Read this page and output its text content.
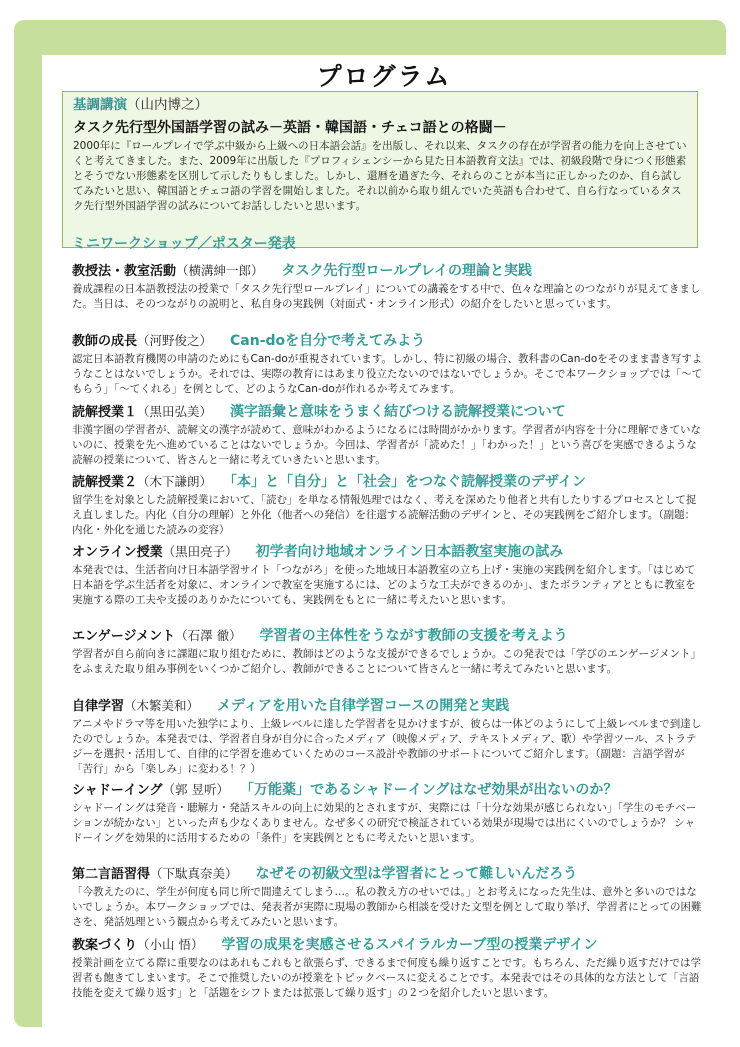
プログラム
基調講演（山内博之）
タスク先行型外国語学習の試み－英語・韓国語・チェコ語との格闘－
2000年に『ロールプレイで学ぶ中級から上級への日本語会話』を出版し、それ以来、タスクの存在が学習者の能力を向上させていくと考えてきました。また、2009年に出版した『プロフィシェンシーから見た日本語教育文法』では、初級段階で身につく形態素とそうでない形態素を区別して示したりもしました。しかし、還暦を過ぎた今、それらのことが本当に正しかったのか、自ら試してみたいと思い、韓国語とチェコ語の学習を開始しました。それ以前から取り組んでいた英語も合わせて、自ら行なっているタスク先行型外国語学習の試みについてお話ししたいと思います。
ミニワークショップ／ポスター発表
教授法・教室活動（横溝紳一郎） タスク先行型ロールプレイの理論と実践
養成課程の日本語教授法の授業で「タスク先行型ロールプレイ」についての講義をする中で、色々な理論とのつながりが見えてきました。当日は、そのつながりの説明と、私自身の実践例（対面式・オンライン形式）の紹介をしたいと思っています。
教師の成長（河野俊之） Can-doを自分で考えてみよう
認定日本語教育機関の申請のためにもCan-doが重視されています。しかし、特に初級の場合、教科書のCan-doをそのまま書き写すようなことはないでしょうか。それでは、実際の教育にはあまり役立たないのではないでしょうか。そこで本ワークショップでは「～てもらう」「～てくれる」を例として、どのようなCan-doが作れるか考えてみます。
読解授業１（黒田弘美） 漢字語彙と意味をうまく結びつける読解授業について
非漢字圏の学習者が、読解文の漢字が読めて、意味がわかるようになるには時間がかかります。学習者が内容を十分に理解できていないのに、授業を先へ進めていることはないでしょうか。今回は、学習者が「読めた！」「わかった！」という喜びを実感できるような読解の授業について、皆さんと一緒に考えていきたいと思います。
読解授業２（木下謙朗） 「本」と「自分」と「社会」をつなぐ読解授業のデザイン
留学生を対象とした読解授業において、「読む」を単なる情報処理ではなく、考えを深めたり他者と共有したりするプロセスとして捉え直しました。内化（自分の理解）と外化（他者への発信）を往還する読解活動のデザインと、その実践例をご紹介します。（副題：内化・外化を通じた読みの変容）
オンライン授業（黒田亮子） 初学者向け地域オンライン日本語教室実施の試み
本発表では、生活者向け日本語学習サイト「つながろ」を使った地域日本語教室の立ち上げ・実施の実践例を紹介します。「はじめて日本語を学ぶ生活者を対象に、オンラインで教室を実施するには、どのような工夫ができるのか」、またボランティアとともに教室を実施する際の工夫や支援のありかたについても、実践例をもとに一緒に考えたいと思います。
エンゲージメント（石澤 徹） 学習者の主体性をうながす教師の支援を考えよう
学習者が自ら前向きに課題に取り組むために、教師はどのような支援ができるでしょうか。この発表では「学びのエンゲージメント」をふまえた取り組み事例をいくつかご紹介し、教師ができることについて皆さんと一緒に考えてみたいと思います。
自律学習（木繁美和） メディアを用いた自律学習コースの開発と実践
アニメやドラマ等を用いた独学により、上級レベルに達した学習者を見かけますが、彼らは一体どのようにして上級レベルまで到達したのでしょうか。本発表では、学習者自身が自分に合ったメディア（映像メディア、テキストメディア、歌）や学習ツール、ストラテジーを選択・活用して、自律的に学習を進めていくためのコース設計や教師のサポートについてご紹介します。（副題：言語学習が「苦行」から「楽しみ」に変わる！？）
シャドーイング（郭 昱听） 「万能薬」であるシャドーイングはなぜ効果が出ないのか？
シャドーイングは発音・聴解力・発話スキルの向上に効果的とされますが、実際には「十分な効果が感じられない」「学生のモチベーションが続かない」といった声も少なくありません。なぜ多くの研究で検証されている効果が現場では出にくいのでしょうか？ シャドーイングを効果的に活用するための「条件」を実践例とともに考えたいと思います。
第二言語習得（下駄真奈美） なぜその初級文型は学習者にとって難しいんだろう
「今教えたのに、学生が何度も同じ所で間違えてしまう…。私の教え方のせいでは。」とお考えになった先生は、意外と多いのではないでしょうか。本ワークショップでは、発表者が実際に現場の教師から相談を受けた文型を例として取り挙げ、学習者にとっての困難さを、発話処理という観点から考えてみたいと思います。
教案づくり（小山 悟） 学習の成果を実感させるスパイラルカーブ型の授業デザイン
授業計画を立てる際に重要なのはあれもこれもと欲張らず、できるまで何度も繰り返すことです。もちろん、ただ繰り返すだけでは学習者も飽きてしまいます。そこで推奨したいのが授業をトピックベースに変えることです。本発表ではその具体的な方法として「言語技能を変えて繰り返す」と「話題をシフトまたは拡張して繰り返す」の２つを紹介したいと思います。
